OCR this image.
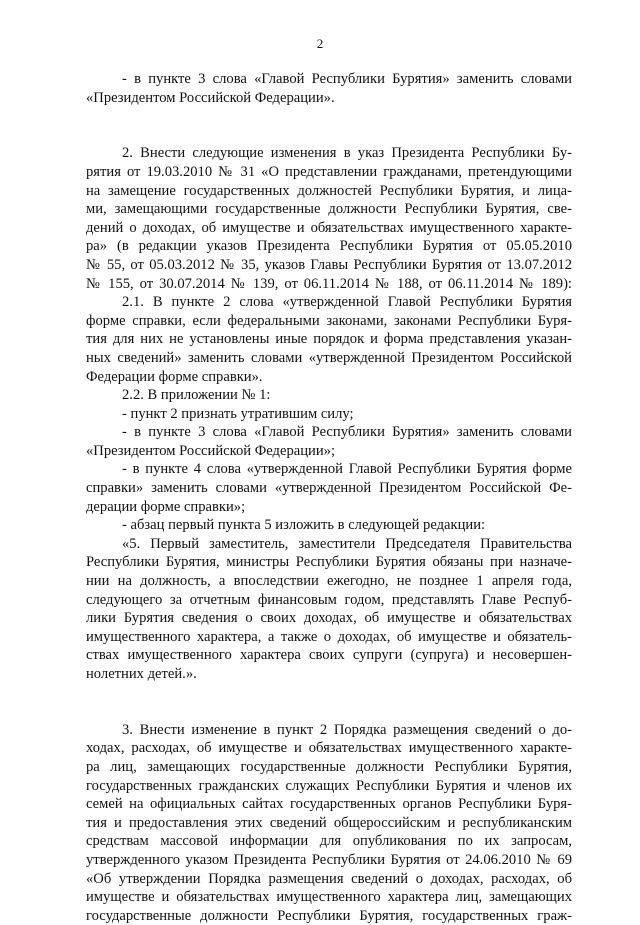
2
- в пункте 3 слова «Главой Республики Бурятия» заменить словами
«Президентом Российской Федерации».
2. Внести следующие изменения в указ Президента Республики Бу-
рятия от 19.03.2010 № 31 «О представлении гражданами, претендующими
на замещение государственных должностей Республики Бурятия, и лица-
ми, замещающими государственные должности Республики Бурятия, све-
дений о доходах, об имуществе и обязательствах имущественного характе-
ра» (в редакции указов Президента Республики Бурятия от 05.05.2010
№ 55, от 05.03.2012 № 35, указов Главы Республики Бурятия от 13.07.2012
№ 155, от 30.07.2014 № 139, от 06.11.2014 № 188, от 06.11.2014 № 189):
2.1. В пункте 2 слова «утвержденной Главой Республики Бурятия
форме справки, если федеральными законами, законами Республики Буря-
тия для них не установлены иные порядок и форма представления указан-
ных сведений» заменить словами «утвержденной Президентом Российской
Федерации форме справки».
2.2. В приложении № 1:
- пункт 2 признать утратившим силу;
- в пункте 3 слова «Главой Республики Бурятия» заменить словами
«Президентом Российской Федерации»;
- в пункте 4 слова «утвержденной Главой Республики Бурятия форме
справки» заменить словами «утвержденной Президентом Российской Фе-
дерации форме справки»;
- абзац первый пункта 5 изложить в следующей редакции:
«5. Первый заместитель, заместители Председателя Правительства
Республики Бурятия, министры Республики Бурятия обязаны при назначе-
нии на должность, а впоследствии ежегодно, не позднее 1 апреля года,
следующего за отчетным финансовым годом, представлять Главе Респуб-
лики Бурятия сведения о своих доходах, об имуществе и обязательствах
имущественного характера, а также о доходах, об имуществе и обязатель-
ствах имущественного характера своих супруги (супруга) и несовершен-
нолетних детей.».
3. Внести изменение в пункт 2 Порядка размещения сведений о до-
ходах, расходах, об имуществе и обязательствах имущественного характе-
ра лиц, замещающих государственные должности Республики Бурятия,
государственных гражданских служащих Республики Бурятия и членов их
семей на официальных сайтах государственных органов Республики Буря-
тия и предоставления этих сведений общероссийским и республиканским
средствам массовой информации для опубликования по их запросам,
утвержденного указом Президента Республики Бурятия от 24.06.2010 № 69
«Об утверждении Порядка размещения сведений о доходах, расходах, об
имуществе и обязательствах имущественного характера лиц, замещающих
государственные должности Республики Бурятия, государственных граж-
